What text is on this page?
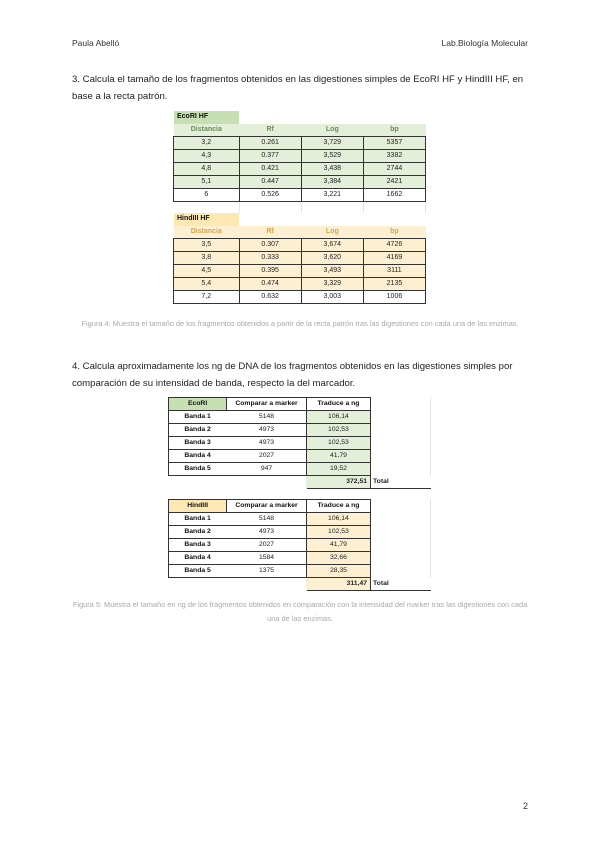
Paula Abelló	Lab.Biología Molecular
3. Calcula el tamaño de los fragmentos obtenidos en las digestiones simples de EcoRI HF y HindIII HF, en base a la recta patrón.
EcoRI HF			
Distancia	Rf	Log	bp
3,2	0.261	3,729	5357
4,3	0.377	3,529	3382
4,8	0.421	3,438	2744
5,1	0.447	3,384	2421
6	0.526	3,221	1662

HindIII HF			
Distancia	Rf	Log	bp
3,5	0.307	3,674	4726
3,8	0.333	3,620	4169
4,5	0.395	3,493	3111
5,4	0.474	3,329	2135
7,2	0.632	3,003	1006
Figura 4: Muestra el tamaño de los fragmentos obtenidos a partir de la recta patrón tras las digestiones con cada una de las enzimas.
4. Calcula aproximadamente los ng de DNA de los fragmentos obtenidos en las digestiones simples por comparación de su intensidad de banda, respecto la del marcador.
EcoRI	Comparar a marker	Traduce a ng	
Banda 1	5148	106,14	
Banda 2	4973	102,53	
Banda 3	4973	102,53	
Banda 4	2027	41,79	
Banda 5	947	19,52	
		372,51	Total
HindIII	Comparar a marker	Traduce a ng	
Banda 1	5148	106,14	
Banda 2	4973	102,53	
Banda 3	2027	41,79	
Banda 4	1584	32,66	
Banda 5	1375	28,35	
		311,47	Total
Figura 5: Muestra el tamaño en ng de los fragmentos obtenidos en comparación con la intensidad del marker tras las digestiones con cada una de las enzimas.
2
